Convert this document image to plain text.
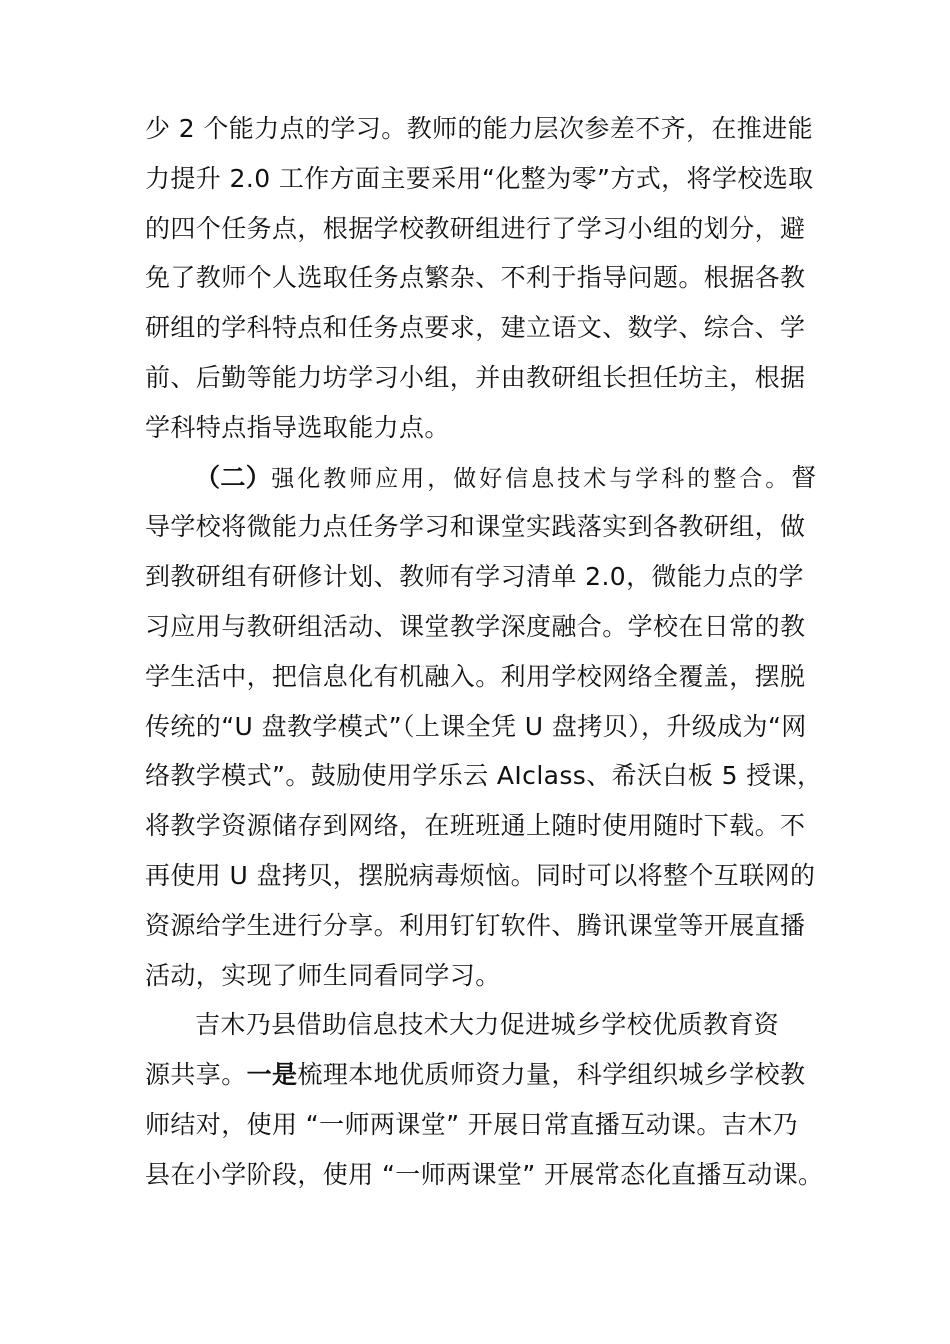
少 2 个能力点的学习。教师的能力层次参差不齐，在推进能
力提升 2.0 工作方面主要采用“化整为零”方式，将学校选取
的四个任务点，根据学校教研组进行了学习小组的划分，避
免了教师个人选取任务点繁杂、不利于指导问题。根据各教
研组的学科特点和任务点要求，建立语文、数学、综合、学
前、后勤等能力坊学习小组，并由教研组长担任坊主，根据
学科特点指导选取能力点。
（二）强化教师应用，做好信息技术与学科的整合。督
导学校将微能力点任务学习和课堂实践落实到各教研组，做
到教研组有研修计划、教师有学习清单 2.0，微能力点的学
习应用与教研组活动、课堂教学深度融合。学校在日常的教
学生活中，把信息化有机融入。利用学校网络全覆盖，摆脱
传统的“U 盘教学模式”（上课全凭 U 盘拷贝），升级成为“网
络教学模式”。鼓励使用学乐云 AIclass、希沃白板 5 授课，
将教学资源储存到网络，在班班通上随时使用随时下载。不
再使用 U 盘拷贝，摆脱病毒烦恼。同时可以将整个互联网的
资源给学生进行分享。利用钉钉软件、腾讯课堂等开展直播
活动，实现了师生同看同学习。
吉木乃县借助信息技术大力促进城乡学校优质教育资
源共享。一是梳理本地优质师资力量，科学组织城乡学校教
师结对，使用 “一师两课堂” 开展日常直播互动课。吉木乃
县在小学阶段，使用 “一师两课堂” 开展常态化直播互动课。
